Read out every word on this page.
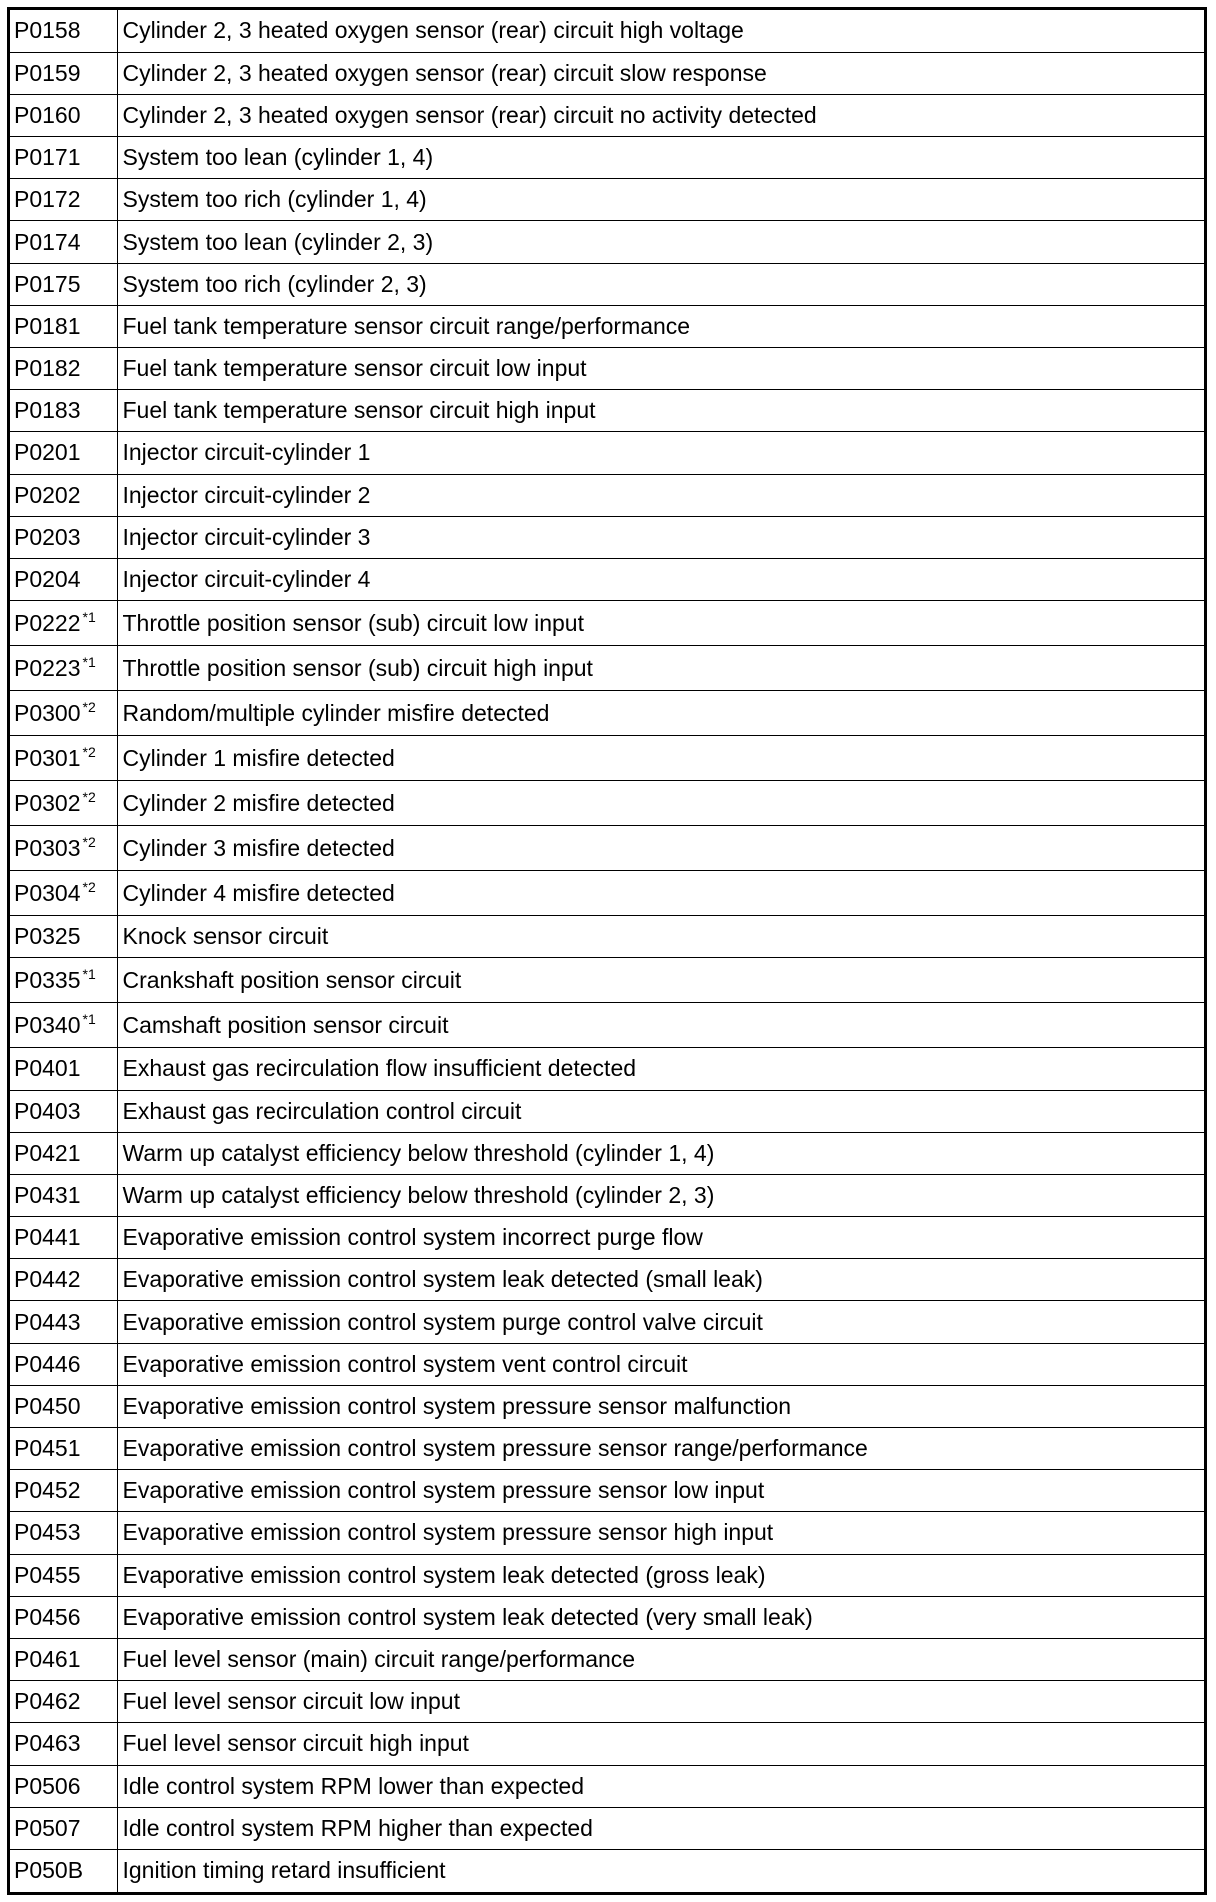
P0158	Cylinder 2, 3 heated oxygen sensor (rear) circuit high voltage
P0159	Cylinder 2, 3 heated oxygen sensor (rear) circuit slow response
P0160	Cylinder 2, 3 heated oxygen sensor (rear) circuit no activity detected
P0171	System too lean (cylinder 1, 4)
P0172	System too rich (cylinder 1, 4)
P0174	System too lean (cylinder 2, 3)
P0175	System too rich (cylinder 2, 3)
P0181	Fuel tank temperature sensor circuit range/performance
P0182	Fuel tank temperature sensor circuit low input
P0183	Fuel tank temperature sensor circuit high input
P0201	Injector circuit-cylinder 1
P0202	Injector circuit-cylinder 2
P0203	Injector circuit-cylinder 3
P0204	Injector circuit-cylinder 4
P0222 $^{*1}$	Throttle position sensor (sub) circuit low input
P0223 $^{*1}$	Throttle position sensor (sub) circuit high input
P0300 $^{*2}$	Random/multiple cylinder misfire detected
P0301 $^{*2}$	Cylinder 1 misfire detected
P0302 $^{*2}$	Cylinder 2 misfire detected
P0303 $^{*2}$	Cylinder 3 misfire detected
P0304 $^{*2}$	Cylinder 4 misfire detected
P0325	Knock sensor circuit
P0335 $^{*1}$	Crankshaft position sensor circuit
P0340 $^{*1}$	Camshaft position sensor circuit
P0401	Exhaust gas recirculation flow insufficient detected
P0403	Exhaust gas recirculation control circuit
P0421	Warm up catalyst efficiency below threshold (cylinder 1, 4)
P0431	Warm up catalyst efficiency below threshold (cylinder 2, 3)
P0441	Evaporative emission control system incorrect purge flow
P0442	Evaporative emission control system leak detected (small leak)
P0443	Evaporative emission control system purge control valve circuit
P0446	Evaporative emission control system vent control circuit
P0450	Evaporative emission control system pressure sensor malfunction
P0451	Evaporative emission control system pressure sensor range/performance
P0452	Evaporative emission control system pressure sensor low input
P0453	Evaporative emission control system pressure sensor high input
P0455	Evaporative emission control system leak detected (gross leak)
P0456	Evaporative emission control system leak detected (very small leak)
P0461	Fuel level sensor (main) circuit range/performance
P0462	Fuel level sensor circuit low input
P0463	Fuel level sensor circuit high input
P0506	Idle control system RPM lower than expected
P0507	Idle control system RPM higher than expected
P050B	Ignition timing retard insufficient
